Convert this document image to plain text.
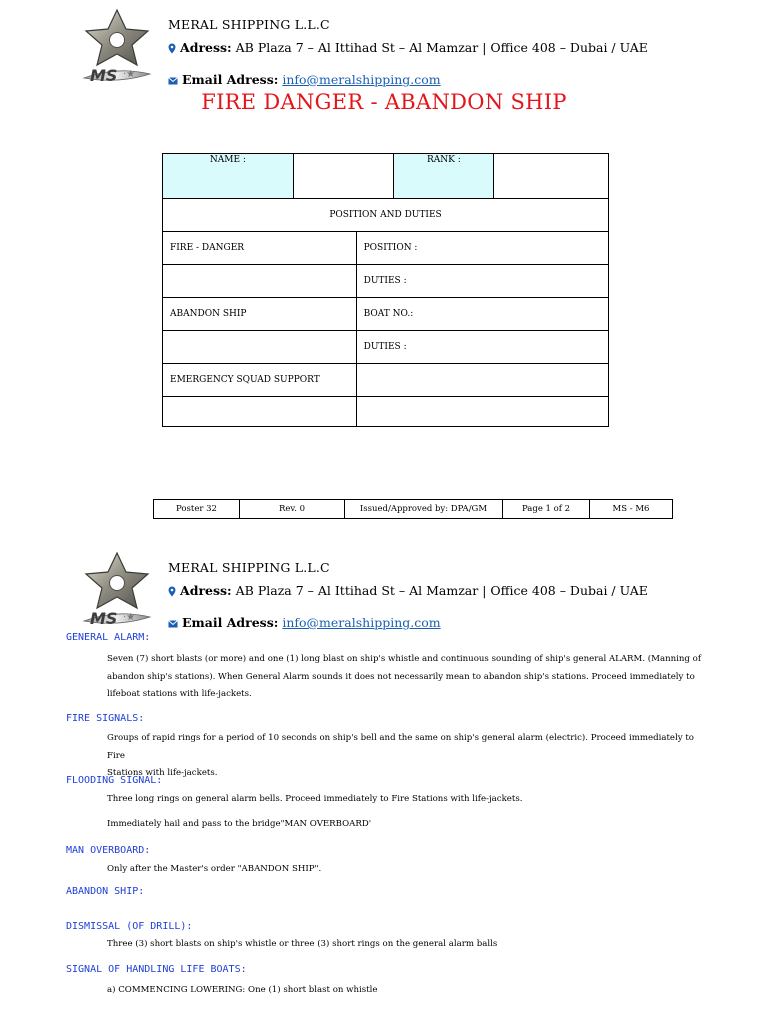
MS ·★
MERAL SHIPPING L.L.C
Adress: AB Plaza 7 – Al Ittihad St – Al Mamzar | Office 408 – Dubai / UAE
Email Adress: info@meralshipping.com
FIRE DANGER - ABANDON SHIP
NAME :			RANK :	
POSITION AND DUTIES				
FIRE - DANGER		POSITION :		
		DUTIES :		
ABANDON SHIP		BOAT NO.:		
		DUTIES :		
EMERGENCY SQUAD SUPPORT				

Poster 32	Rev. 0	Issued/Approved by: DPA/GM	Page 1 of 2	MS - M6
MS ·★
MERAL SHIPPING L.L.C
Adress: AB Plaza 7 – Al Ittihad St – Al Mamzar | Office 408 – Dubai / UAE
Email Adress: info@meralshipping.com
GENERAL ALARM:
Seven (7) short blasts (or more) and one (1) long blast on ship's whistle and continuous sounding of ship's general ALARM. (Manning of
abandon ship's stations). When General Alarm sounds it does not necessarily mean to abandon ship's stations. Proceed immediately to
lifeboat stations with life-jackets.
FIRE SIGNALS:
Groups of rapid rings for a period of 10 seconds on ship's bell and the same on ship's general alarm (electric). Proceed immediately to Fire
Stations with life-jackets.
FLOODING SIGNAL:
Three long rings on general alarm bells. Proceed immediately to Fire Stations with life-jackets.
Immediately hail and pass to the bridge"MAN OVERBOARD'
MAN OVERBOARD:
Only after the Master's order "ABANDON SHIP".
ABANDON SHIP:
DISMISSAL (OF DRILL):
Three (3) short blasts on ship's whistle or three (3) short rings on the general alarm balls
SIGNAL OF HANDLING LIFE BOATS:
a) COMMENCING LOWERING: One (1) short blast on whistle
